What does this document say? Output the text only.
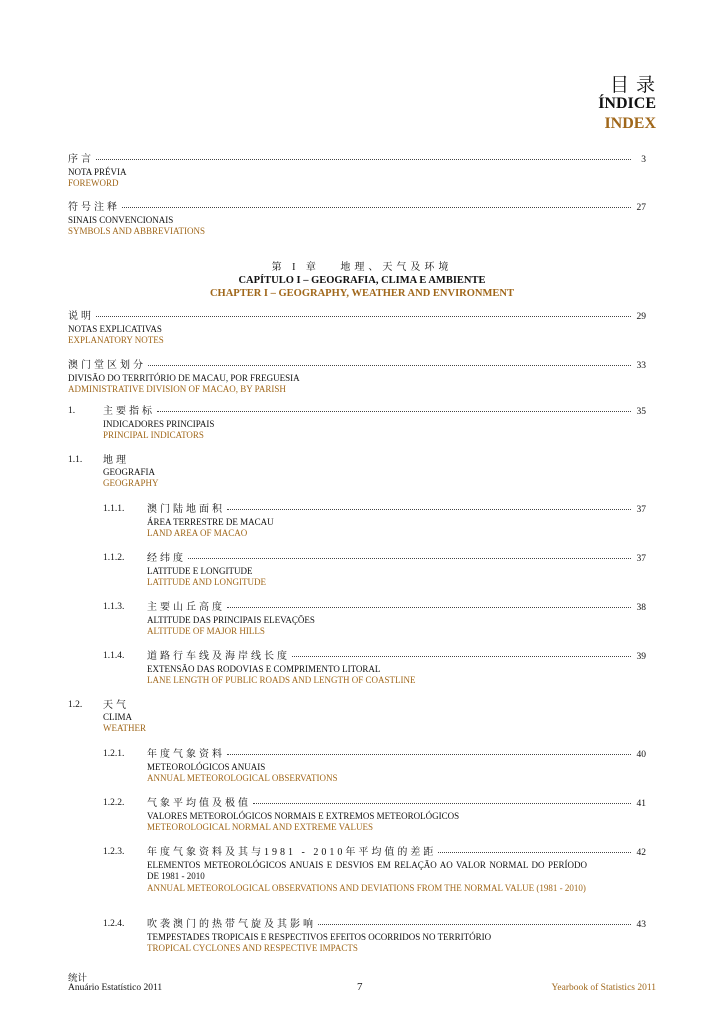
目录
ÍNDICE
INDEX
序言	3
NOTA PRÉVIA
FOREWORD
符号注释	27
SINAIS CONVENCIONAIS
SYMBOLS AND ABBREVIATIONS
第 I 章　 地理、天气及环境
CAPÍTULO I – GEOGRAFIA, CLIMA E AMBIENTE
CHAPTER I – GEOGRAPHY, WEATHER AND ENVIRONMENT
说明	29
NOTAS EXPLICATIVAS
EXPLANATORY NOTES
澳门堂区划分	33
DIVISÃO DO TERRITÓRIO DE MACAU, POR FREGUESIA
ADMINISTRATIVE DIVISION OF MACAO, BY PARISH
1.	主要指标	35
INDICADORES PRINCIPAIS
PRINCIPAL INDICATORS
1.1. 地理
GEOGRAFIA
GEOGRAPHY
1.1.1. 澳门陆地面积	37
ÁREA TERRESTRE DE MACAU
LAND AREA OF MACAO
1.1.2. 经纬度	37
LATITUDE E LONGITUDE
LATITUDE AND LONGITUDE
1.1.3. 主要山丘高度	38
ALTITUDE DAS PRINCIPAIS ELEVAÇÕES
ALTITUDE OF MAJOR HILLS
1.1.4. 道路行车线及海岸线长度	39
EXTENSÃO DAS RODOVIAS E COMPRIMENTO LITORAL
LANE LENGTH OF PUBLIC ROADS AND LENGTH OF COASTLINE
1.2. 天气
CLIMA
WEATHER
1.2.1. 年度气象资料	40
METEOROLÓGICOS ANUAIS
ANNUAL METEOROLOGICAL OBSERVATIONS
1.2.2. 气象平均值及极值	41
VALORES METEOROLÓGICOS NORMAIS E EXTREMOS METEOROLÓGICOS
METEOROLOGICAL NORMAL AND EXTREME VALUES
1.2.3. 年度气象资料及其与1981 - 2010年平均值的差距	42
ELEMENTOS METEOROLÓGICOS ANUAIS E DESVIOS EM RELAÇÃO AO VALOR NORMAL DO PERÍODO DE 1981 - 2010
ANNUAL METEOROLOGICAL OBSERVATIONS AND DEVIATIONS FROM THE NORMAL VALUE (1981 - 2010)
1.2.4. 吹袭澳门的热带气旋及其影响	43
TEMPESTADES TROPICAIS E RESPECTIVOS EFEITOS OCORRIDOS NO TERRITÓRIO
TROPICAL CYCLONES AND RESPECTIVE IMPACTS
统计
Anuário Estatístico 2011	7	Yearbook of Statistics 2011
